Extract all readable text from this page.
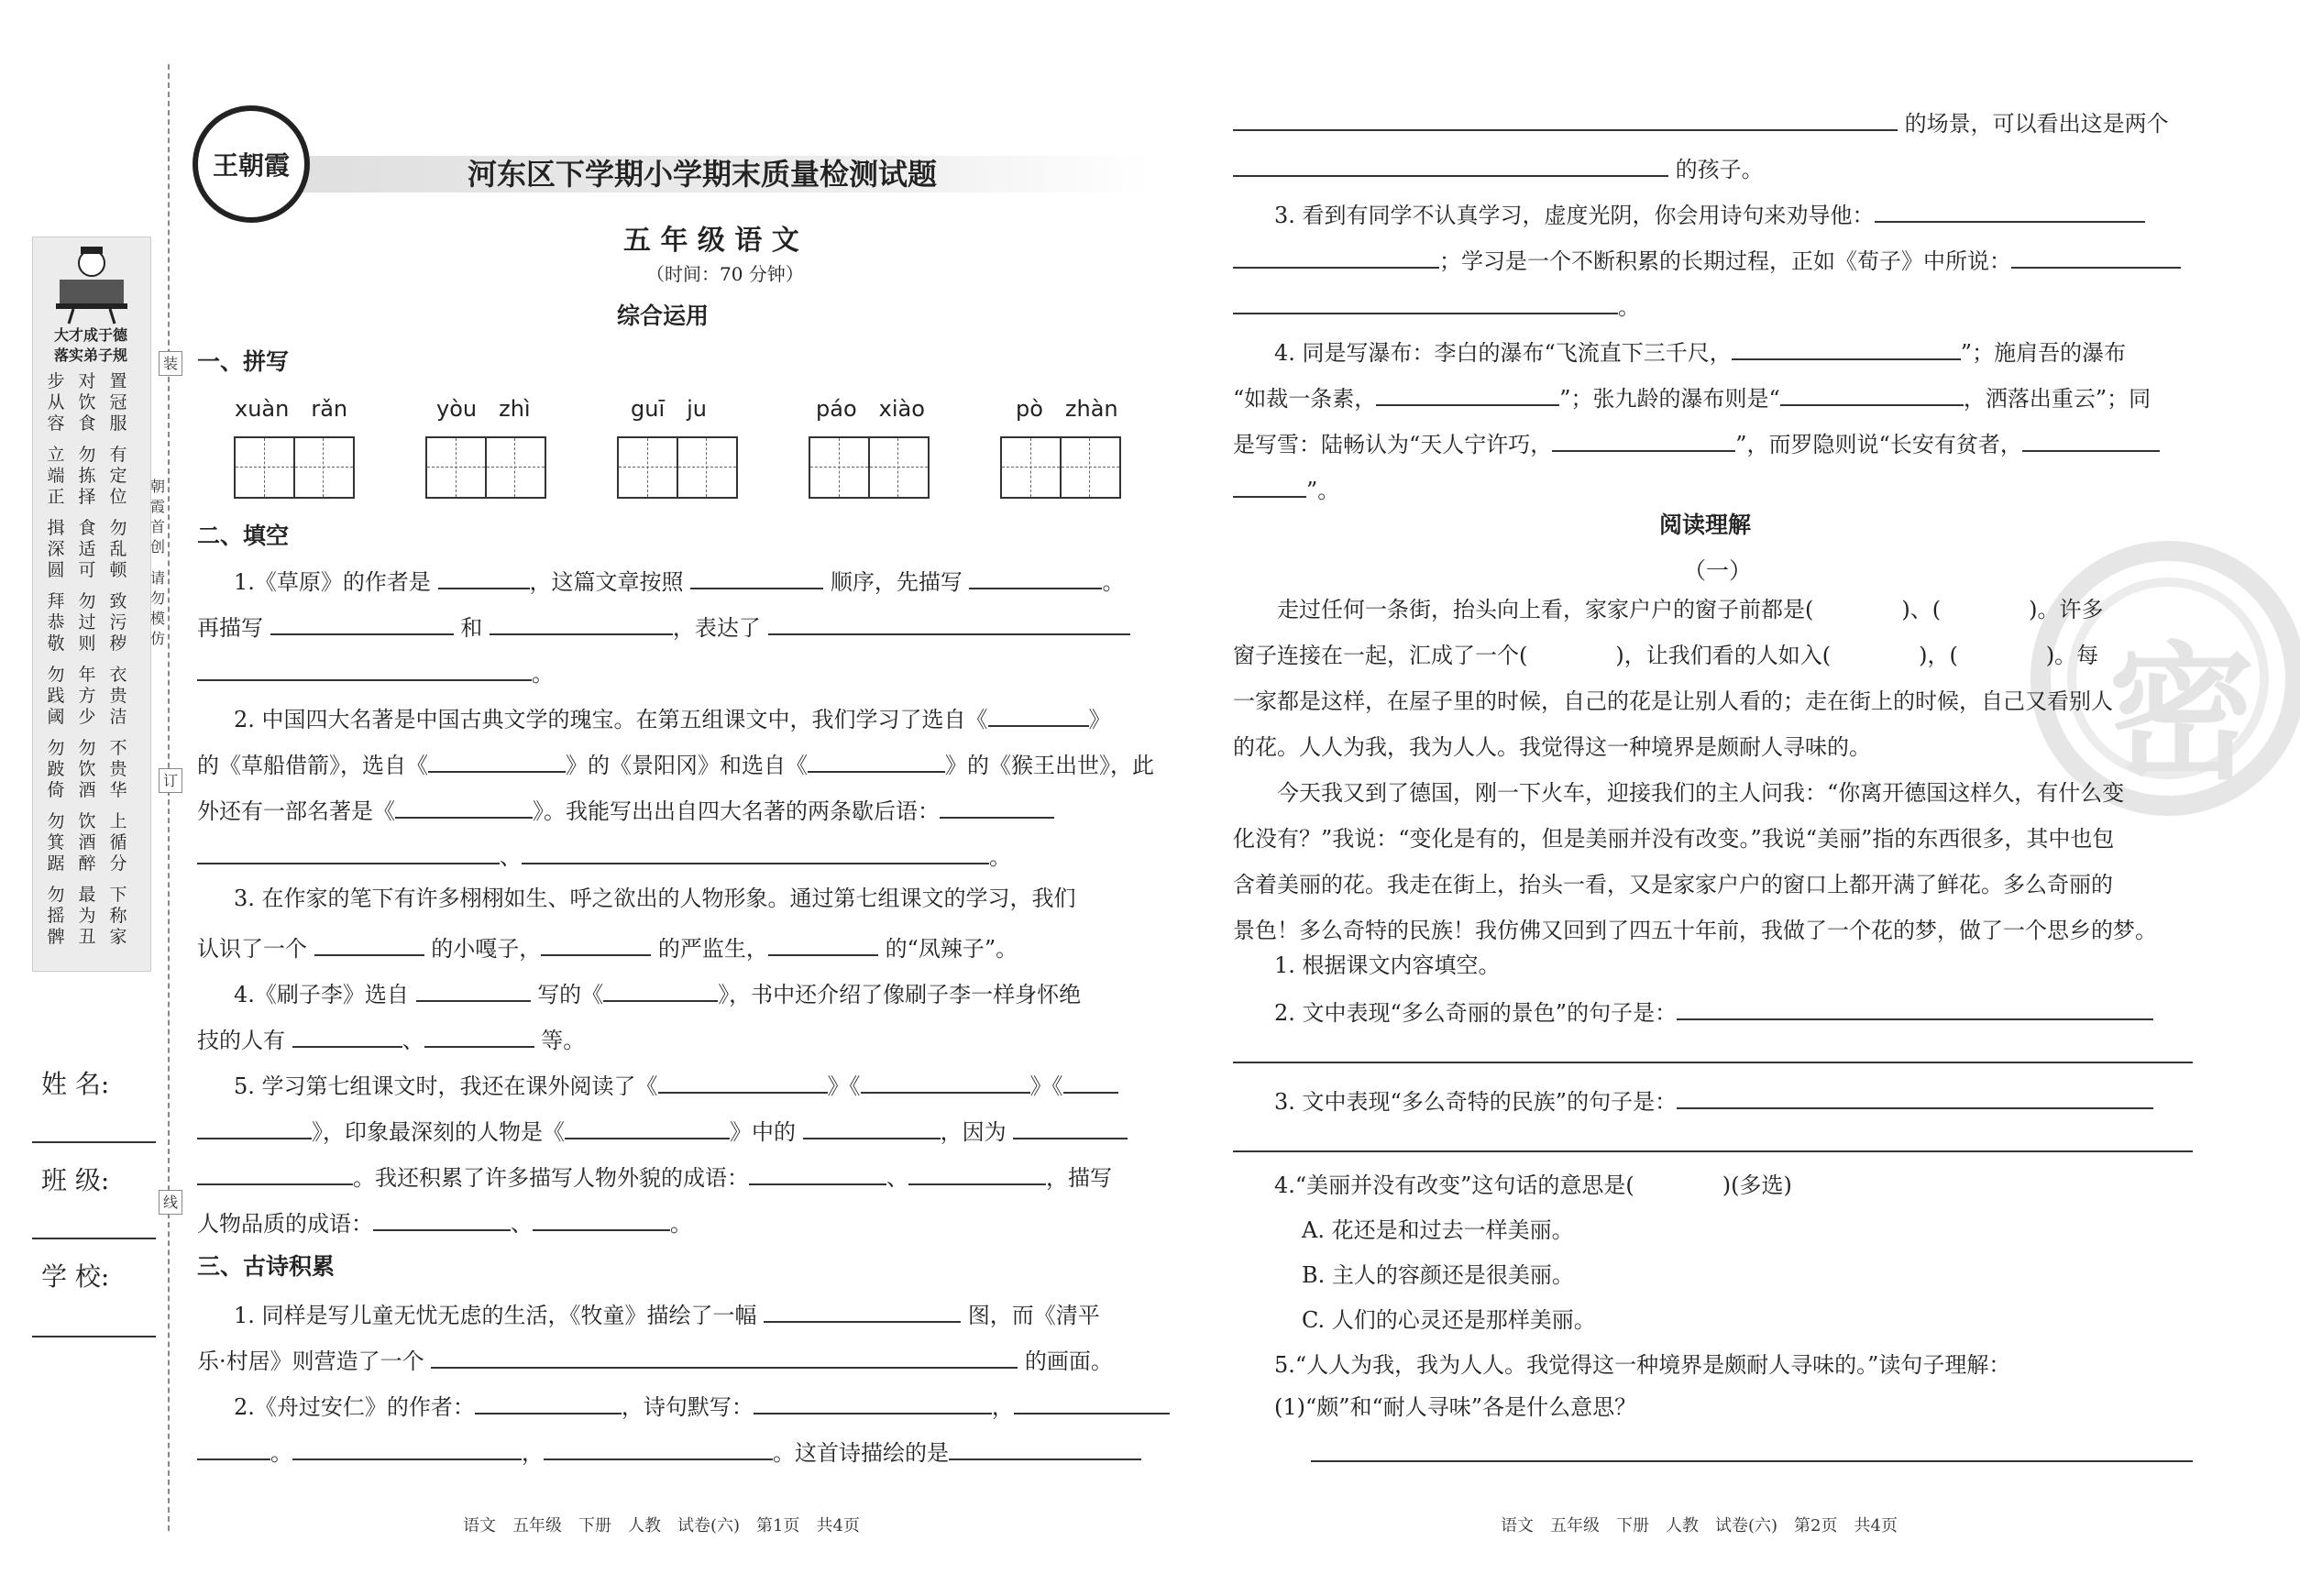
大才成于德
落实弟子规
步从容
对饮食
置冠服
立端正
勿拣择
有定位
揖深圆
食适可
勿乱顿
拜恭敬
勿过则
致污秽
勿践阈
年方少
衣贵洁
勿跛倚
勿饮酒
不贵华
勿箕踞
饮酒醉
上循分
勿摇髀
最为丑
下称家
装
订
线
朝霞首创
请勿模仿
姓 名:
班 级:
学 校:
王朝霞	河东区下学期小学期末质量检测试题
五 年 级 语 文
（时间：70 分钟）
综合运用
一、拼写
xuàn　rǎn	yòu　zhì	guī　ju	páo　xiào	pò　zhàn
二、填空
1.《草原》的作者是	，这篇文章按照	顺序，先描写	。
再描写	和	，表达了
。
2. 中国四大名著是中国古典文学的瑰宝。在第五组课文中，我们学习了选自《	》
的《草船借箭》，选自《	》的《景阳冈》和选自《	》的《猴王出世》，此
外还有一部名著是《	》。我能写出出自四大名著的两条歇后语：
、	。
3. 在作家的笔下有许多栩栩如生、呼之欲出的人物形象。通过第七组课文的学习，我们
认识了一个	的小嘎子，	的严监生，	的“凤辣子”。
4.《刷子李》选自	写的《	》，书中还介绍了像刷子李一样身怀绝
技的人有	、	等。
5. 学习第七组课文时，我还在课外阅读了《	》《	》《
》，印象最深刻的人物是《	》中的	，因为
。我还积累了许多描写人物外貌的成语：	、	，描写
人物品质的成语：	、	。
三、古诗积累
1. 同样是写儿童无忧无虑的生活，《牧童》描绘了一幅	图，而《清平
乐·村居》则营造了一个	的画面。
2.《舟过安仁》的作者：	，诗句默写：	，
。	，	。这首诗描绘的是
语文　五年级　下册　人教　试卷(六)　第1页　共4页
密
的场景，可以看出这是两个
的孩子。
3. 看到有同学不认真学习，虚度光阴，你会用诗句来劝导他：
；学习是一个不断积累的长期过程，正如《荀子》中所说：
。
4. 同是写瀑布：李白的瀑布“飞流直下三千尺，	”；施肩吾的瀑布
“如裁一条素，	”；张九龄的瀑布则是“	，洒落出重云”；同
是写雪：陆畅认为“天人宁许巧，	”，而罗隐则说“长安有贫者，
”。
阅读理解
（一）

走过任何一条街，抬头向上看，家家户户的窗子前都是(　　　　)、(　　　　)。许多

窗子连接在一起，汇成了一个(　　　　)，让我们看的人如入(　　　　)，(　　　　)。每

一家都是这样，在屋子里的时候，自己的花是让别人看的；走在街上的时候，自己又看别人

的花。人人为我，我为人人。我觉得这一种境界是颇耐人寻味的。

今天我又到了德国，刚一下火车，迎接我们的主人问我：“你离开德国这样久，有什么变

化没有？”我说：“变化是有的，但是美丽并没有改变。”我说“美丽”指的东西很多，其中也包

含着美丽的花。我走在街上，抬头一看，又是家家户户的窗口上都开满了鲜花。多么奇丽的

景色！多么奇特的民族！我仿佛又回到了四五十年前，我做了一个花的梦，做了一个思乡的梦。

1. 根据课文内容填空。
2. 文中表现“多么奇丽的景色”的句子是：
3. 文中表现“多么奇特的民族”的句子是：
4.“美丽并没有改变”这句话的意思是(　　　　)(多选)
A. 花还是和过去一样美丽。
B. 主人的容颜还是很美丽。
C. 人们的心灵还是那样美丽。
5.“人人为我，我为人人。我觉得这一种境界是颇耐人寻味的。”读句子理解：
(1)“颇”和“耐人寻味”各是什么意思？
语文　五年级　下册　人教　试卷(六)　第2页　共4页
